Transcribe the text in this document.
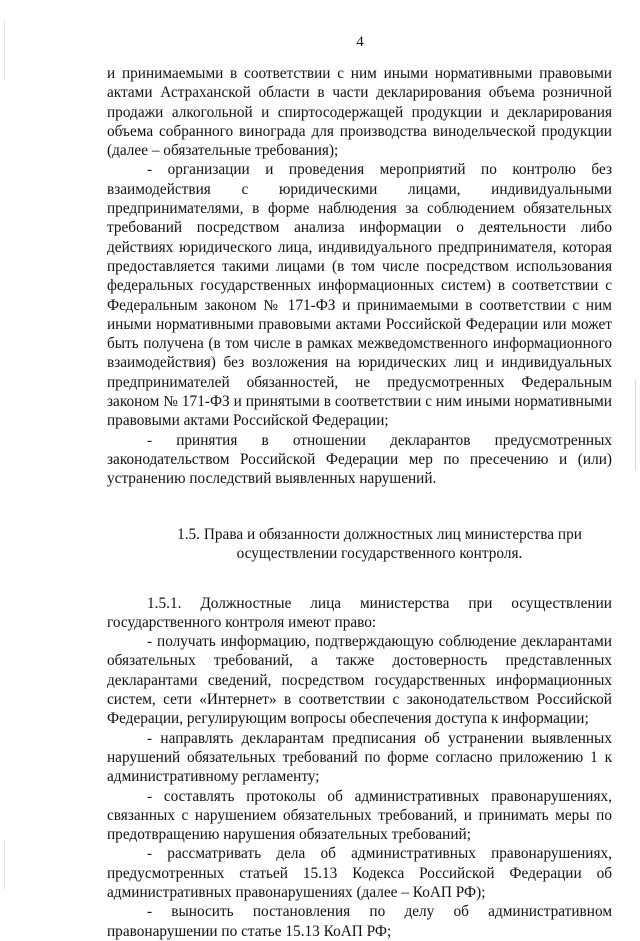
4

и принимаемыми в соответствии с ним иными нормативными правовыми актами Астраханской области в части декларирования объема розничной продажи алкогольной и спиртосодержащей продукции и декларирования объема собранного винограда для производства винодельческой продукции (далее – обязательные требования);

- организации и проведения мероприятий по контролю без взаимодействия с юридическими лицами, индивидуальными предпринимателями, в форме наблюдения за соблюдением обязательных требований посредством анализа информации о деятельности либо действиях юридического лица, индивидуального предпринимателя, которая предоставляется такими лицами (в том числе посредством использования федеральных государственных информационных систем) в соответствии с Федеральным законом № 171-ФЗ и принимаемыми в соответствии с ним иными нормативными правовыми актами Российской Федерации или может быть получена (в том числе в рамках межведомственного информационного взаимодействия) без возложения на юридических лиц и индивидуальных предпринимателей обязанностей, не предусмотренных Федеральным законом № 171-ФЗ и принятыми в соответствии с ним иными нормативными правовыми актами Российской Федерации;

- принятия в отношении декларантов предусмотренных законодательством Российской Федерации мер по пресечению и (или) устранению последствий выявленных нарушений.

1.5. Права и обязанности должностных лиц министерства при
осуществлении государственного контроля.

1.5.1. Должностные лица министерства при осуществлении государственного контроля имеют право:

- получать информацию, подтверждающую соблюдение декларантами обязательных требований, а также достоверность представленных декларантами сведений, посредством государственных информационных систем, сети «Интернет» в соответствии с законодательством Российской Федерации, регулирующим вопросы обеспечения доступа к информации;

- направлять декларантам предписания об устранении выявленных нарушений обязательных требований по форме согласно приложению 1 к административному регламенту;

- составлять протоколы об административных правонарушениях, связанных с нарушением обязательных требований, и принимать меры по предотвращению нарушения обязательных требований;

- рассматривать дела об административных правонарушениях, предусмотренных статьей 15.13 Кодекса Российской Федерации об административных правонарушениях (далее – КоАП РФ);

- выносить постановления по делу об административном правонарушении по статье 15.13 КоАП РФ;
